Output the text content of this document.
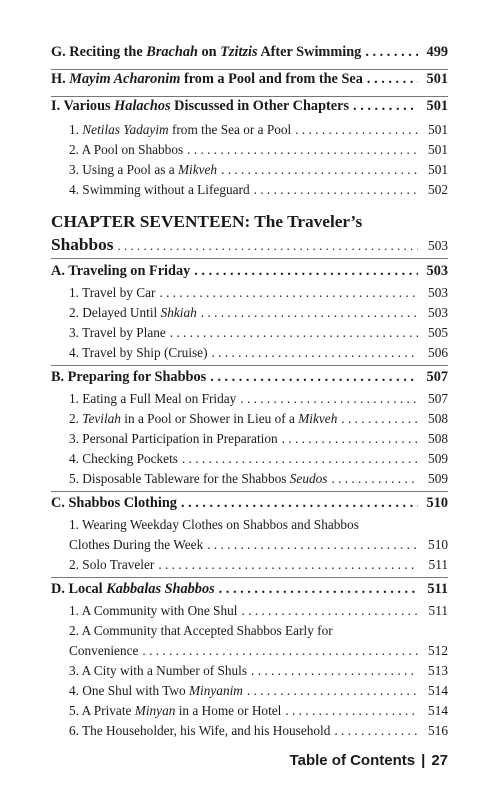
G. Reciting the Brachah on Tzitzis After Swimming . . .	499
H. Mayim Acharonim from a Pool and from the Sea . . .	501
I. Various Halachos Discussed in Other Chapters . . .	501
1. Netilas Yadayim from the Sea or a Pool . . .	501
2. A Pool on Shabbos . . .	501
3. Using a Pool as a Mikveh . . .	501
4. Swimming without a Lifeguard . . .	502
CHAPTER SEVENTEEN: The Traveler’s
Shabbos . . .	503
A. Traveling on Friday . . .	503
1. Travel by Car . . .	503
2. Delayed Until Shkiah . . .	503
3. Travel by Plane . . .	505
4. Travel by Ship (Cruise) . . .	506
B. Preparing for Shabbos . . .	507
1. Eating a Full Meal on Friday . . .	507
2. Tevilah in a Pool or Shower in Lieu of a Mikveh . . .	508
3. Personal Participation in Preparation . . .	508
4. Checking Pockets . . .	509
5. Disposable Tableware for the Shabbos Seudos . . .	509
C. Shabbos Clothing . . .	510
1. Wearing Weekday Clothes on Shabbos and Shabbos
Clothes During the Week . . .	510
2. Solo Traveler . . .	511
D. Local Kabbalas Shabbos . . .	511
1. A Community with One Shul . . .	511
2. A Community that Accepted Shabbos Early for
Convenience . . .	512
3. A City with a Number of Shuls . . .	513
4. One Shul with Two Minyanim . . .	514
5. A Private Minyan in a Home or Hotel . . .	514
6. The Householder, his Wife, and his Household . . .	516
Table of Contents | 27
